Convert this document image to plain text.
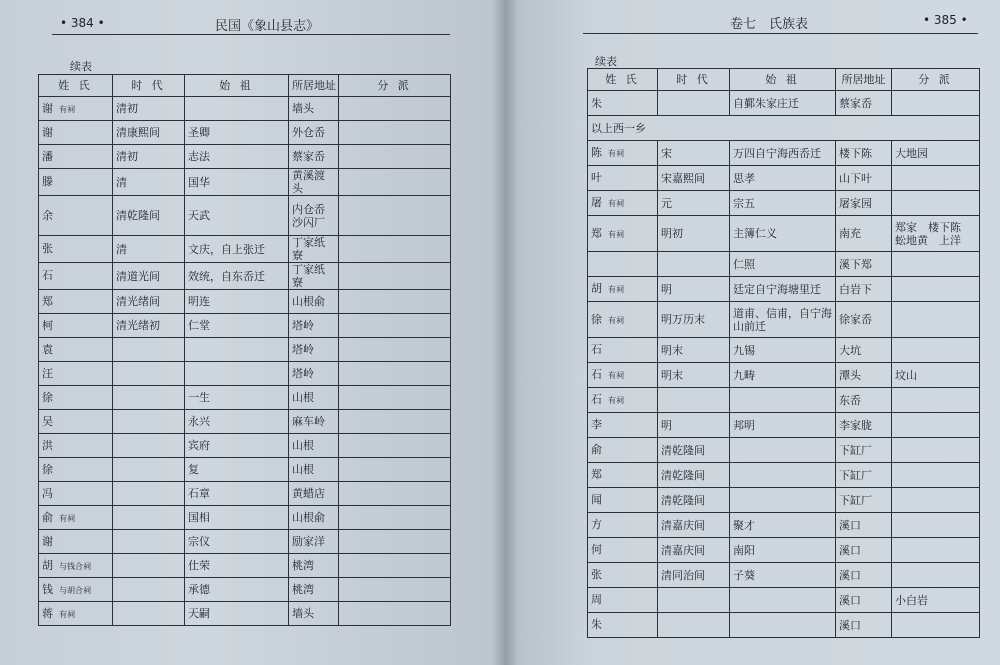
• 384 •	民国《象山县志》
续表
姓 氏	时 代	始 祖	所居地址	分 派
谢 有祠	清初		墙头	
谢	清康熙间	圣卿	外仓岙	
潘	清初	志法	蔡家岙	
滕	清	国华	黄溪渡头	
余	清乾隆间	天武	内仓岙 沙闪厂	
张	清	文庆，自上张迁	丁家纸寮	
石	清道光间	效统，自东岙迁	丁家纸寮	
郑	清光绪间	明连	山根俞	
柯	清光绪初	仁堂	塔岭	
袁			塔岭	
汪			塔岭	
徐		一生	山根	
吴		永兴	麻车岭	
洪		宾府	山根	
徐		复	山根	
冯		石章	黄蜡店	
俞 有祠		国相	山根俞	
谢		宗仪	励家洋	
胡 与钱合祠		仕荣	桃湾	
钱 与胡合祠		承德	桃湾	
蒋 有祠		天嗣	墙头	
卷七　氏族表	• 385 •
续表
姓 氏	时 代	始 祖	所居地址	分 派
朱		自鄞朱家庄迁	蔡家岙	
以上西一乡				
陈 有祠	宋	万四自宁海西岙迁	楼下陈	大地园
叶	宋嘉熙间	思孝	山下叶	
屠 有祠	元	宗五	屠家园	
郑 有祠	明初	主簿仁义	南充	郑家　楼下陈　蚣地黄　上洋
		仁照	溪下郑	
胡 有祠	明	廷定自宁海塘里迁	白岩下	
徐 有祠	明万历末	道甫、信甫，自宁海山前迁	徐家岙	
石	明末	九锡	大坑	
石 有祠	明末	九畴	潭头	坟山
石 有祠			东岙	
李	明	邦明	李家胧	
俞	清乾隆间		下缸厂	
郑	清乾隆间		下缸厂	
闻	清乾隆间		下缸厂	
方	清嘉庆间	聚才	溪口	
何	清嘉庆间	南阳	溪口	
张	清同治间	子葵	溪口	
周			溪口	小白岩
朱			溪口	
